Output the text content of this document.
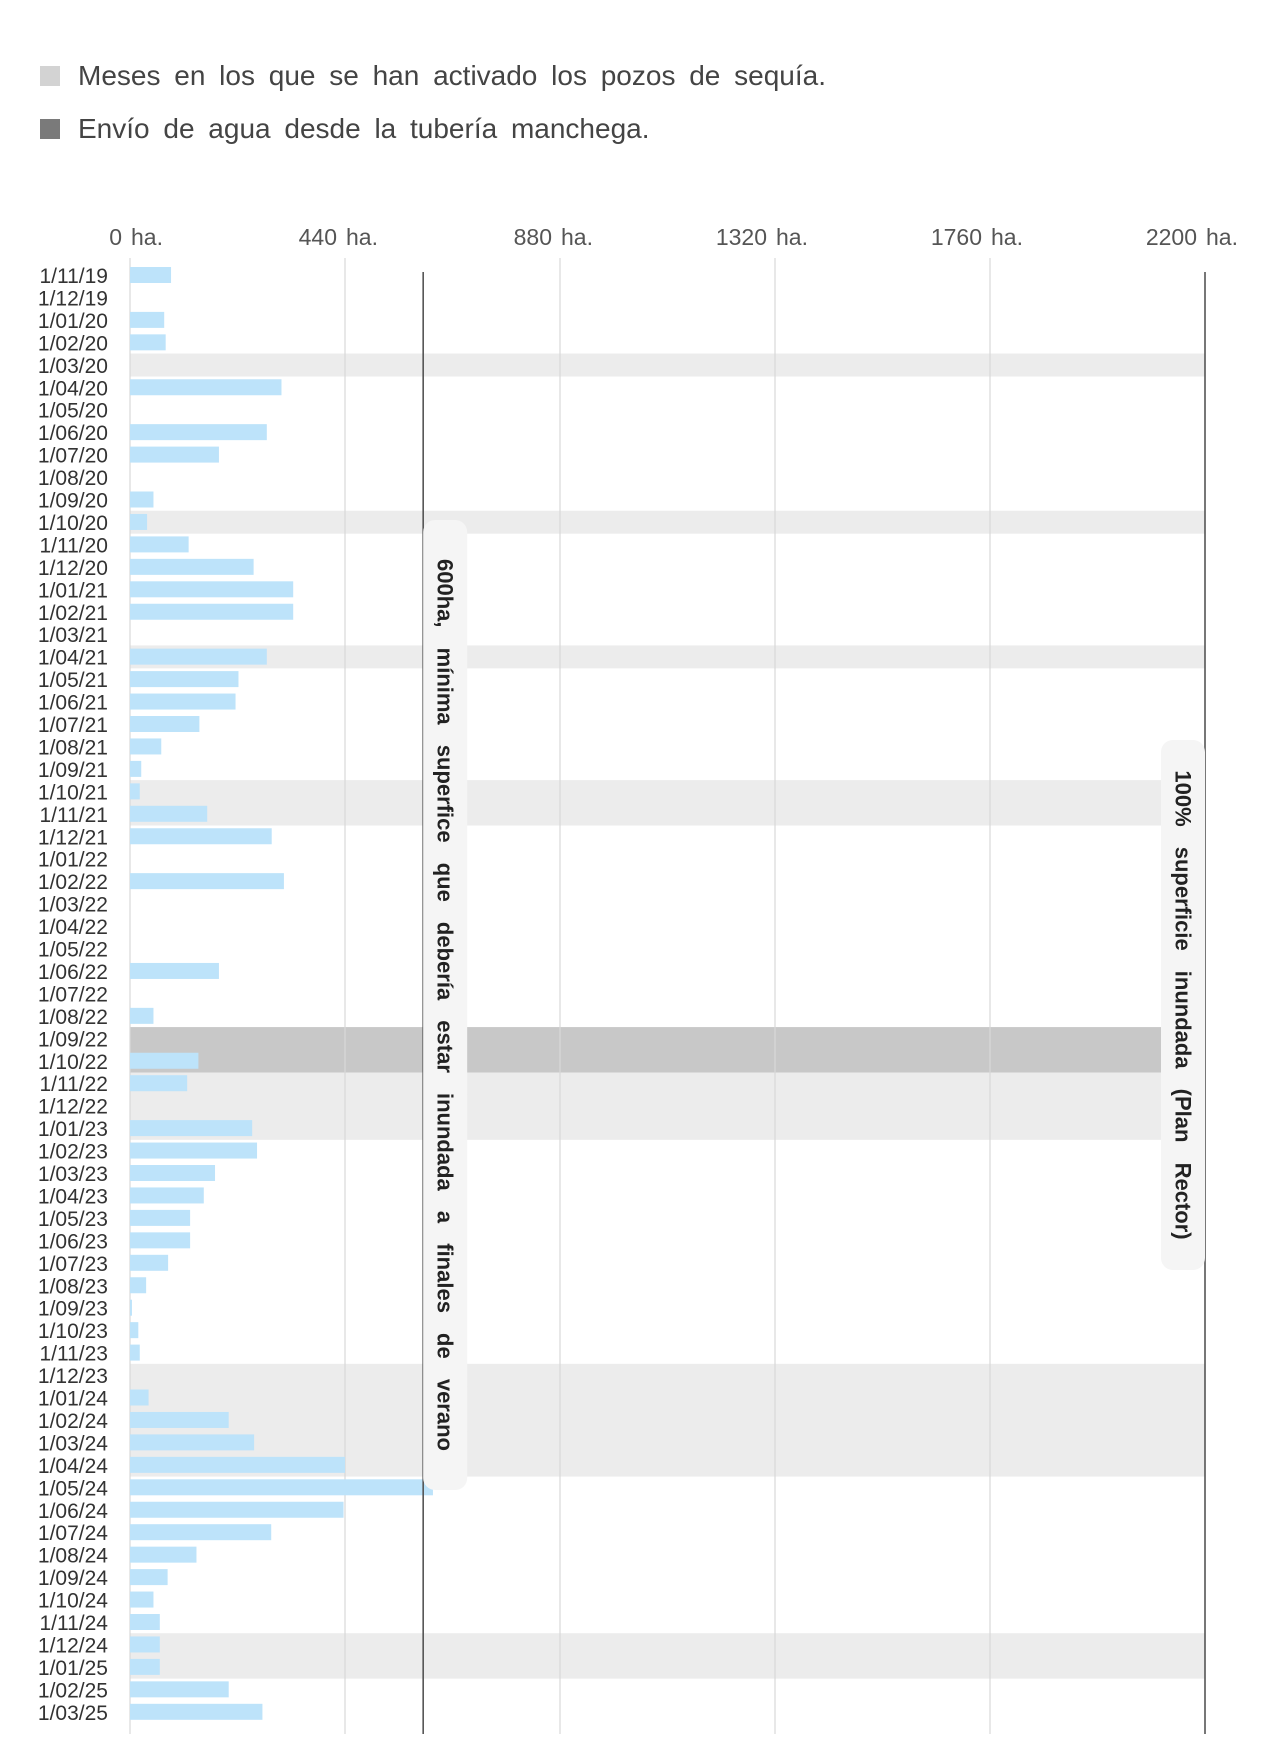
Meses en los que se han activado los pozos de sequía.
Envío de agua desde la tubería manchega.
600ha, mínima superfice que debería estar inundada a finales de verano	100% superficie inundada (Plan Rector)
0 ha.	440 ha.	880 ha.	1320 ha.	1760 ha.	2200 ha.
1/11/19
1/12/19
1/01/20
1/02/20
1/03/20
1/04/20
1/05/20
1/06/20
1/07/20
1/08/20
1/09/20
1/10/20
1/11/20
1/12/20
1/01/21
1/02/21
1/03/21
1/04/21
1/05/21
1/06/21
1/07/21
1/08/21
1/09/21
1/10/21
1/11/21
1/12/21
1/01/22
1/02/22
1/03/22
1/04/22
1/05/22
1/06/22
1/07/22
1/08/22
1/09/22
1/10/22
1/11/22
1/12/22
1/01/23
1/02/23
1/03/23
1/04/23
1/05/23
1/06/23
1/07/23
1/08/23
1/09/23
1/10/23
1/11/23
1/12/23
1/01/24
1/02/24
1/03/24
1/04/24
1/05/24
1/06/24
1/07/24
1/08/24
1/09/24
1/10/24
1/11/24
1/12/24
1/01/25
1/02/25
1/03/25
